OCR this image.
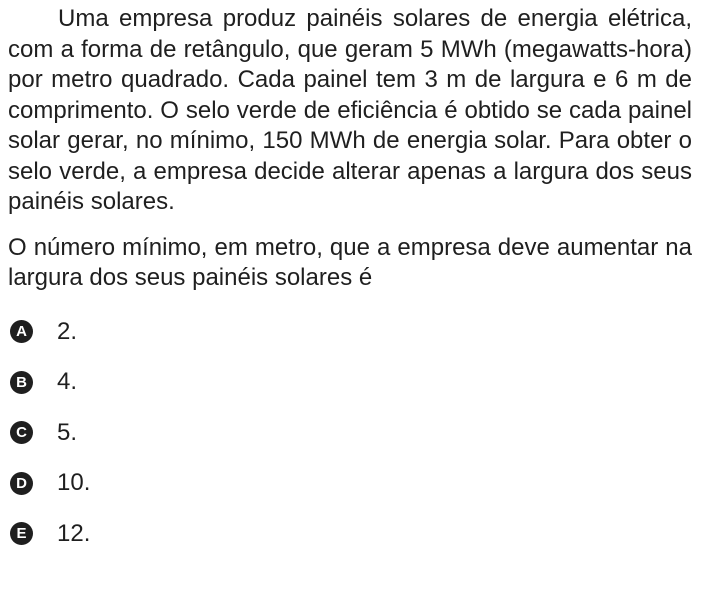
Uma empresa produz painéis solares de energia elétrica, com a forma de retângulo, que geram 5 MWh (megawatts-hora) por metro quadrado. Cada painel tem 3 m de largura e 6 m de comprimento. O selo verde de eficiência é obtido se cada painel solar gerar, no mínimo, 150 MWh de energia solar. Para obter o selo verde, a empresa decide alterar apenas a largura dos seus painéis solares.

O número mínimo, em metro, que a empresa deve aumentar na largura dos seus painéis solares é

A 2.
B 4.
C 5.
D 10.
E 12.
